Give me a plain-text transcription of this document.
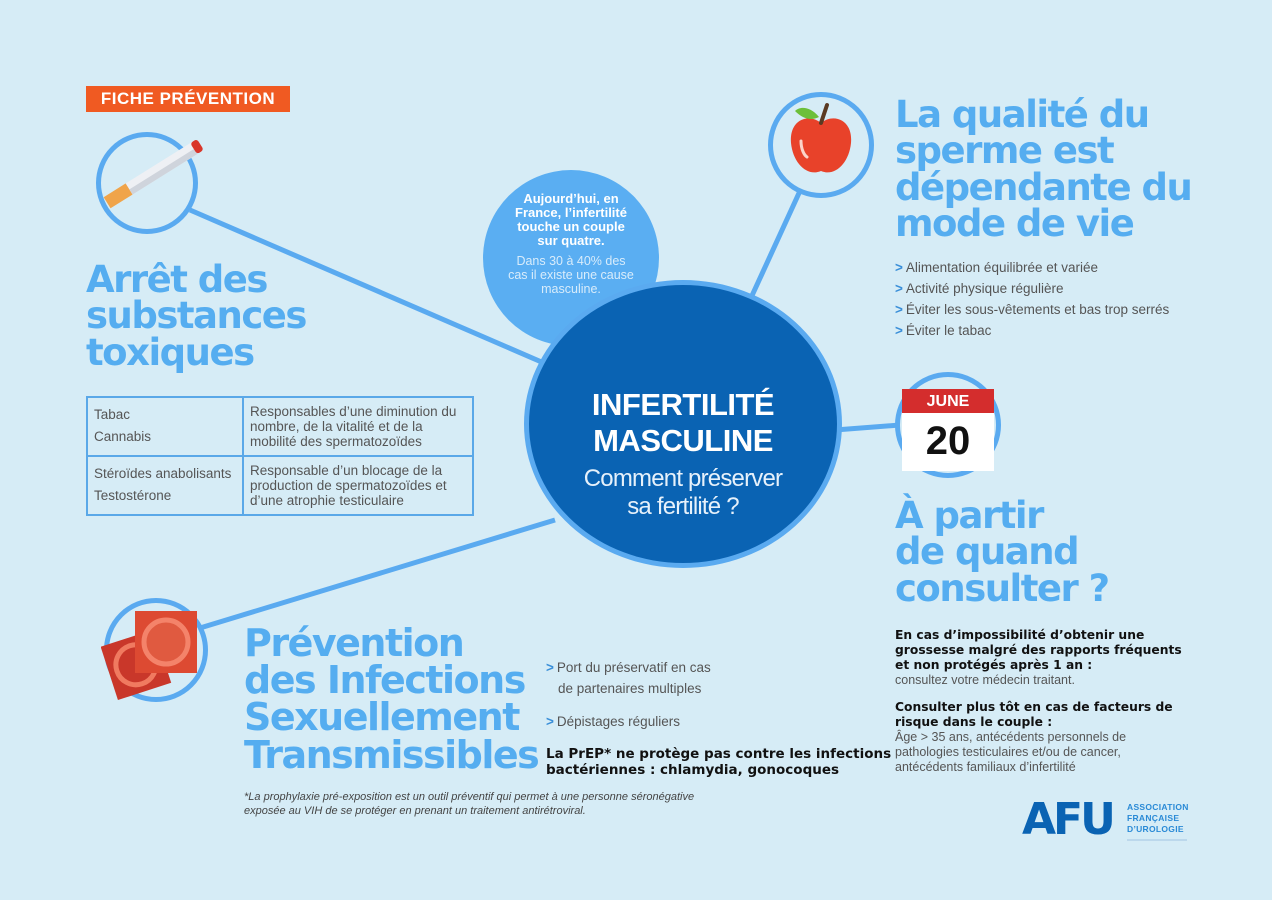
FICHE PRÉVENTION
Arrêt des
substances
toxiques
Tabac
Cannabis	Responsables d’une diminution du nombre, de la vitalité et de la mobilité des spermatozoïdes
Stéroïdes anabolisants
Testostérone	Responsable d’un blocage de la production de spermatozoïdes et d’une atrophie testiculaire
Aujourd’hui, en France, l’infertilité touche un couple sur quatre.
Dans 30 à 40% des cas il existe une cause masculine.
INFERTILITÉ
MASCULINE
Comment préserver
sa fertilité ?
La qualité du
sperme est
dépendante du
mode de vie
> Alimentation équilibrée et variée
> Activité physique régulière
> Éviter les sous-vêtements et bas trop serrés
> Éviter le tabac
JUNE
20
À partir
de quand
consulter ?

En cas d’impossibilité d’obtenir une grossesse malgré des rapports fréquents et non protégés après 1 an :
consultez votre médecin traitant.

Consulter plus tôt en cas de facteurs de risque dans le couple :
Âge > 35 ans, antécédents personnels de pathologies testiculaires et/ou de cancer, antécédents familiaux d’infertilité

Prévention
des Infections
Sexuellement
Transmissibles
> Port du préservatif en cas
de partenaires multiples
> Dépistages réguliers
La PrEP* ne protège pas contre les infections
bactériennes : chlamydia, gonocoques
*La prophylaxie pré-exposition est un outil préventif qui permet à une personne séronégative
exposée au VIH de se protéger en prenant un traitement antirétroviral.	AFU ASSOCIATION
FRANÇAISE
D’UROLOGIE
